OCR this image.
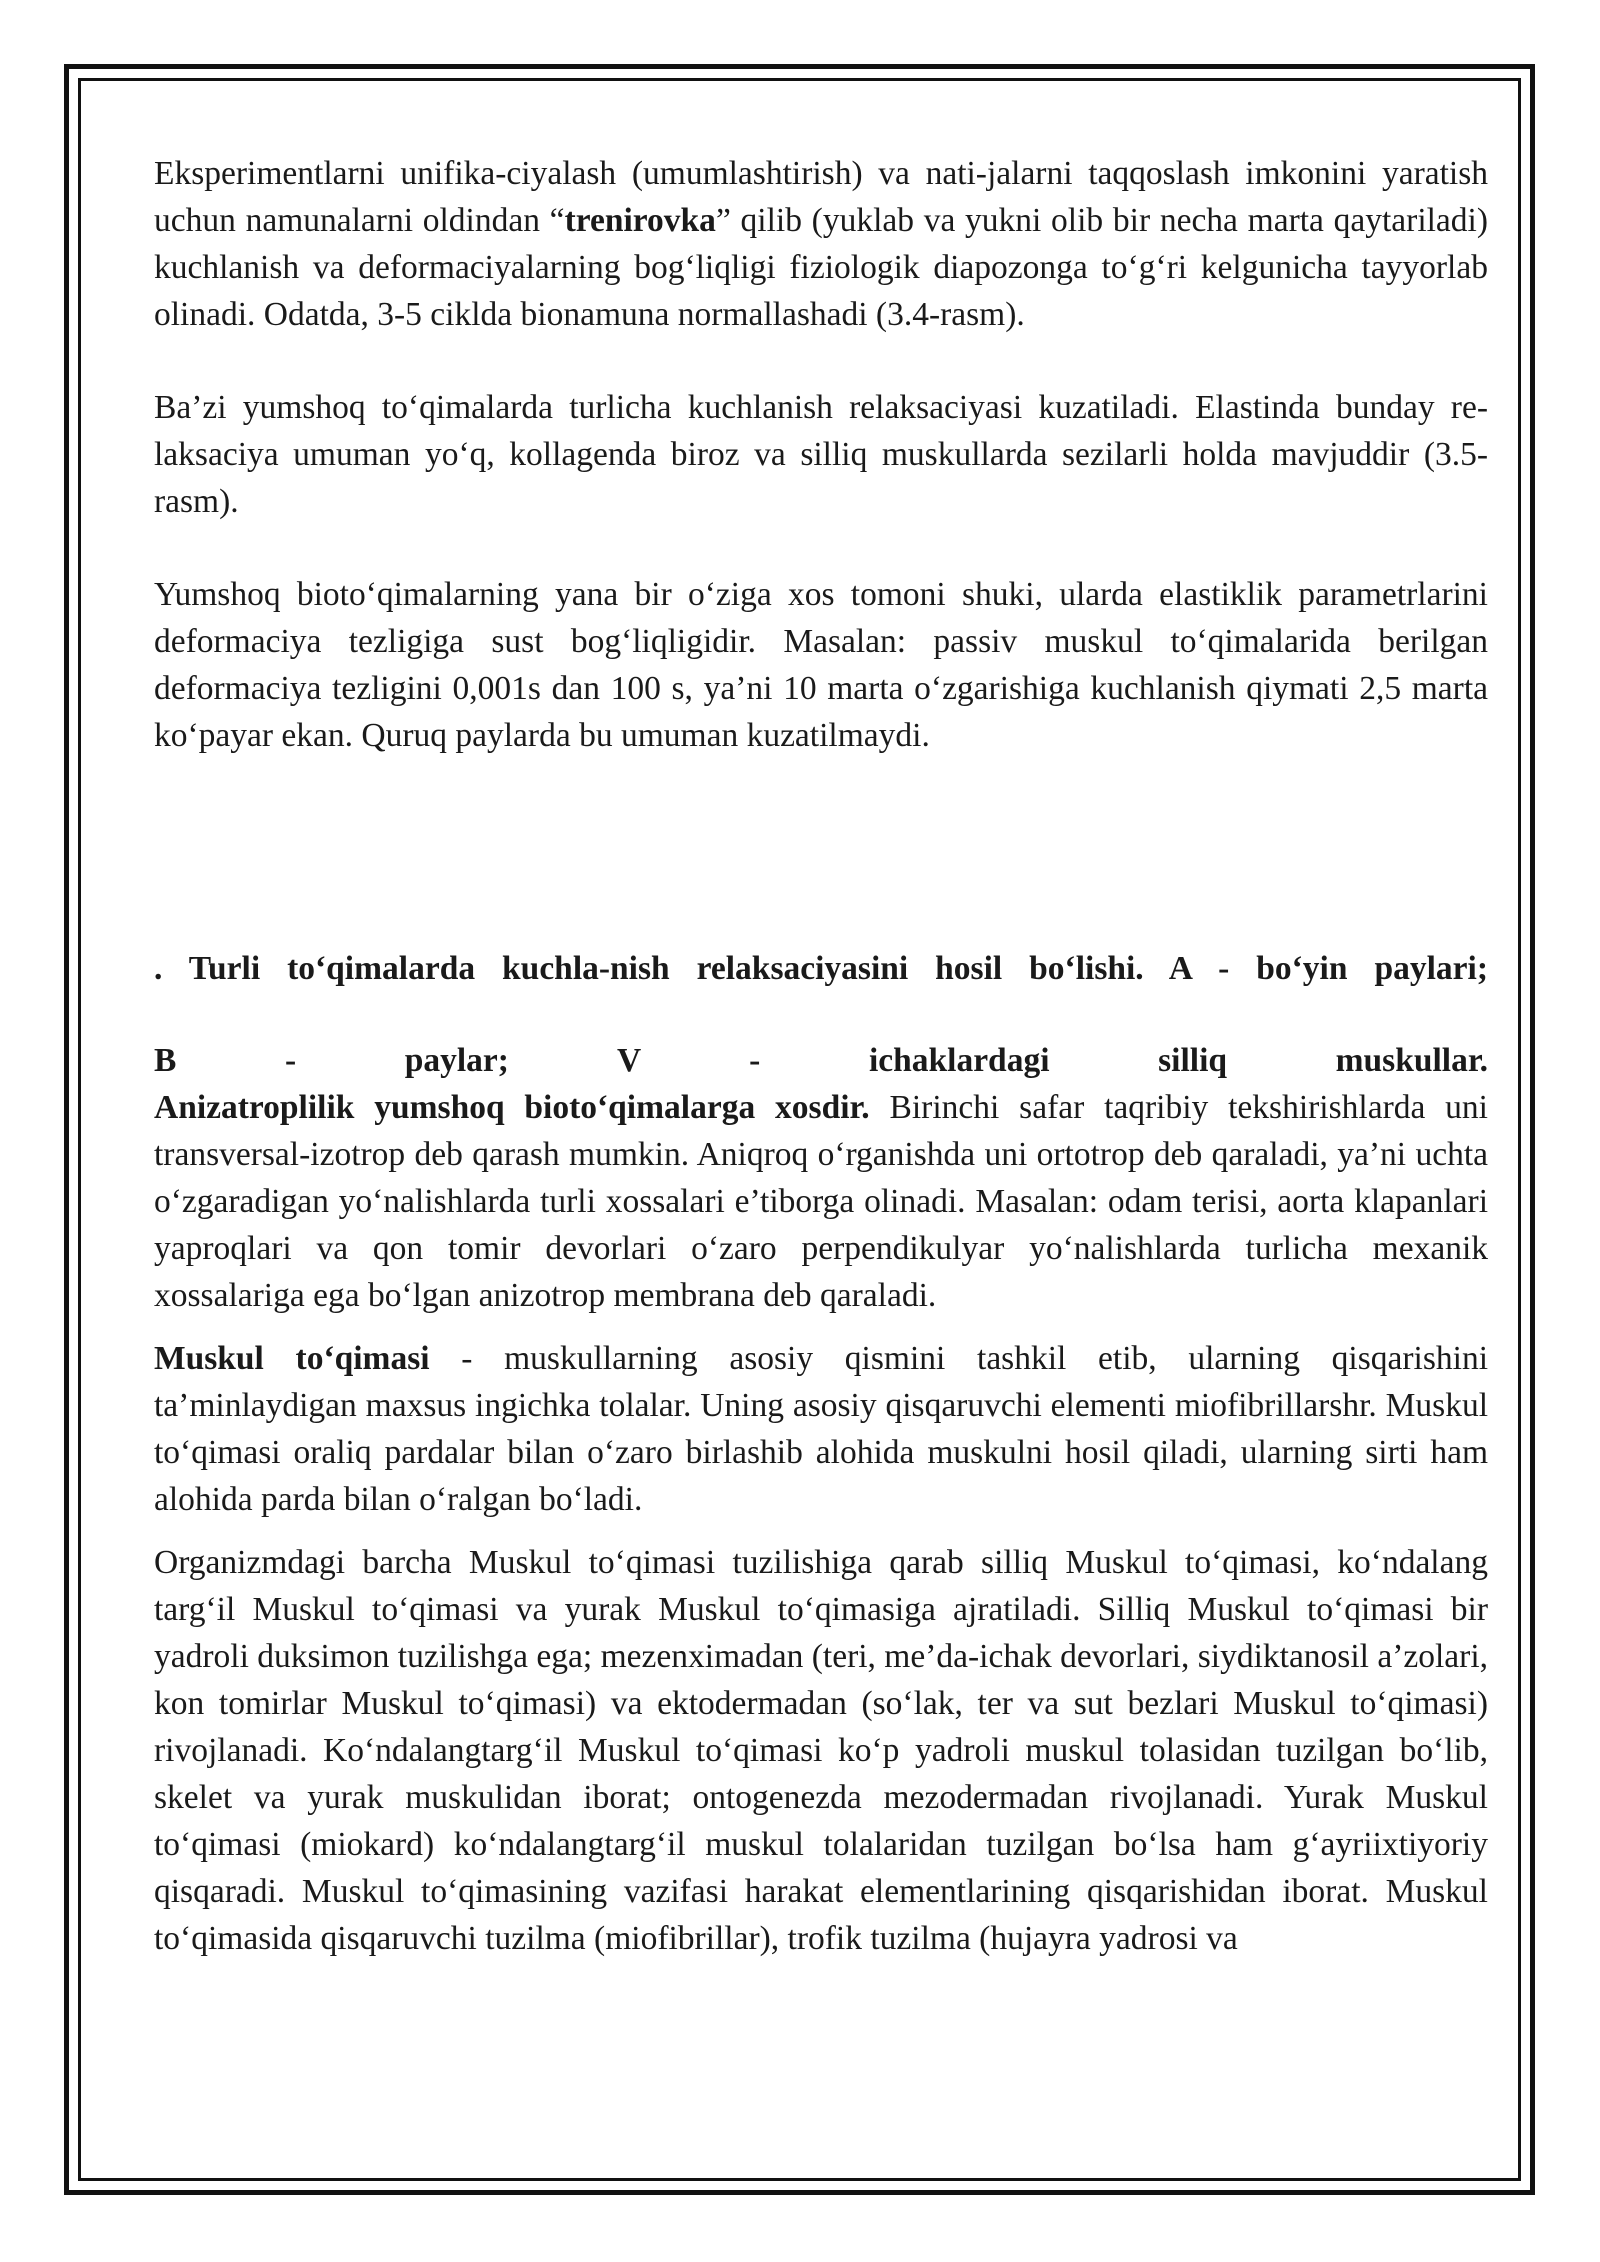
Eksperimentlarni unifika-ciyalash (umumlashtirish) va nati-jalarni taqqoslash imkonini yaratish uchun namunalarni oldindan “trenirovka” qilib (yuklab va yukni olib bir necha marta qaytariladi) kuchlanish va deformaciyalarning bog‘liqligi fiziologik diapozonga to‘g‘ri kelgunicha tayyorlab olinadi. Odatda, 3-5 ciklda bionamuna normallashadi (3.4-rasm).

Ba’zi yumshoq to‘qimalarda turlicha kuchlanish relaksaciyasi kuzatiladi. Elastinda bunday re-laksaciya umuman yo‘q, kollagenda biroz va silliq muskullarda sezilarli holda mavjuddir (3.5-rasm).

Yumshoq bioto‘qimalarning yana bir o‘ziga xos tomoni shuki, ularda elastiklik parametrlarini deformaciya tezligiga sust bog‘liqligidir. Masalan: passiv muskul to‘qimalarida berilgan deformaciya tezligini 0,001s dan 100 s, ya’ni 10 marta o‘zgarishiga kuchlanish qiymati 2,5 marta ko‘payar ekan. Quruq paylarda bu umuman kuzatilmaydi.

. Turli to‘qimalarda kuchla-nish relaksaciyasini hosil bo‘lishi. A - bo‘yin paylari;

B - paylar; V - ichaklardagi silliq muskullar.

Anizatroplilik yumshoq bioto‘qimalarga xosdir. Birinchi safar taqribiy tekshirishlarda uni transversal-izotrop deb qarash mumkin. Aniqroq o‘rganishda uni ortotrop deb qaraladi, ya’ni uchta o‘zgaradigan yo‘nalishlarda turli xossalari e’tiborga olinadi. Masalan: odam terisi, aorta klapanlari yaproqlari va qon tomir devorlari o‘zaro perpendikulyar yo‘nalishlarda turlicha mexanik xossalariga ega bo‘lgan anizotrop membrana deb qaraladi.

Muskul to‘qimasi - muskullarning asosiy qismini tashkil etib, ularning qisqarishini ta’minlaydigan maxsus ingichka tolalar. Uning asosiy qisqaruvchi elementi miofibrillarshr. Muskul to‘qimasi oraliq pardalar bilan o‘zaro birlashib alohida muskulni hosil qiladi, ularning sirti ham alohida parda bilan o‘ralgan bo‘ladi.

Organizmdagi barcha Muskul to‘qimasi tuzilishiga qarab silliq Muskul to‘qimasi, ko‘ndalang targ‘il Muskul to‘qimasi va yurak Muskul to‘qimasiga ajratiladi. Silliq Muskul to‘qimasi bir yadroli duksimon tuzilishga ega; mezenximadan (teri, me’da-ichak devorlari, siydiktanosil a’zolari, kon tomirlar Muskul to‘qimasi) va ektodermadan (so‘lak, ter va sut bezlari Muskul to‘qimasi) rivojlanadi. Ko‘ndalangtarg‘il Muskul to‘qimasi ko‘p yadroli muskul tolasidan tuzilgan bo‘lib, skelet va yurak muskulidan iborat; ontogenezda mezodermadan rivojlanadi. Yurak Muskul to‘qimasi (miokard) ko‘ndalangtarg‘il muskul tolalaridan tuzilgan bo‘lsa ham g‘ayriixtiyoriy qisqaradi. Muskul to‘qimasining vazifasi harakat elementlarining qisqarishidan iborat. Muskul to‘qimasida qisqaruvchi tuzilma (miofibrillar), trofik tuzilma (hujayra yadrosi va
